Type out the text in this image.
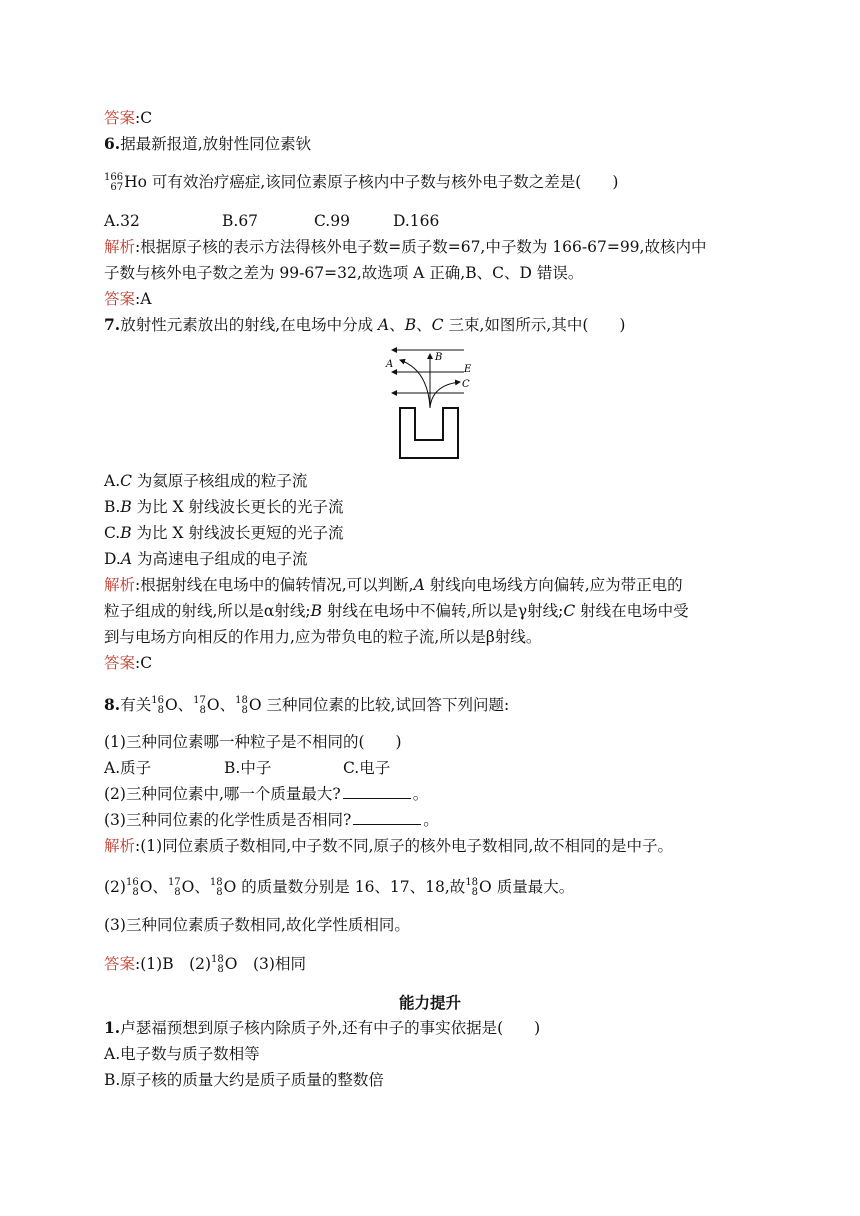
答案:C
6.据最新报道,放射性同位素钬
166
67 Ho 可有效治疗癌症,该同位素原子核内中子数与核外电子数之差是(　　)
A.32	B.67	C.99	D.166
解析:根据原子核的表示方法得核外电子数=质子数=67,中子数为 166-67=99,故核内中
子数与核外电子数之差为 99-67=32,故选项 A 正确,B、C、D 错误。
答案:A
7.放射性元素放出的射线,在电场中分成 A、B、C 三束,如图所示,其中(　　)
B
A	E
C
A.C 为氦原子核组成的粒子流
B.B 为比 X 射线波长更长的光子流
C.B 为比 X 射线波长更短的光子流
D.A 为高速电子组成的电子流
解析:根据射线在电场中的偏转情况,可以判断,A 射线向电场线方向偏转,应为带正电的
粒子组成的射线,所以是α射线;B 射线在电场中不偏转,所以是γ射线;C 射线在电场中受
到与电场方向相反的作用力,应为带负电的粒子流,所以是β射线。
答案:C
8.有关 16
8 O、 17
8 O、 18
8 O 三种同位素的比较,试回答下列问题:
(1)三种同位素哪一种粒子是不相同的(　　)
A.质子	B.中子	C.电子
(2)三种同位素中,哪一个质量最大?	。
(3)三种同位素的化学性质是否相同?	。
解析:(1)同位素质子数相同,中子数不同,原子的核外电子数相同,故不相同的是中子。
(2) 16
8 O、 17
8 O、 18
8 O 的质量数分别是 16、17、18,故 18
8 O 质量最大。
(3)三种同位素质子数相同,故化学性质相同。
答案:(1)B　(2) 18
8 O　(3)相同
能力提升
1.卢瑟福预想到原子核内除质子外,还有中子的事实依据是(　　)
A.电子数与质子数相等
B.原子核的质量大约是质子质量的整数倍
